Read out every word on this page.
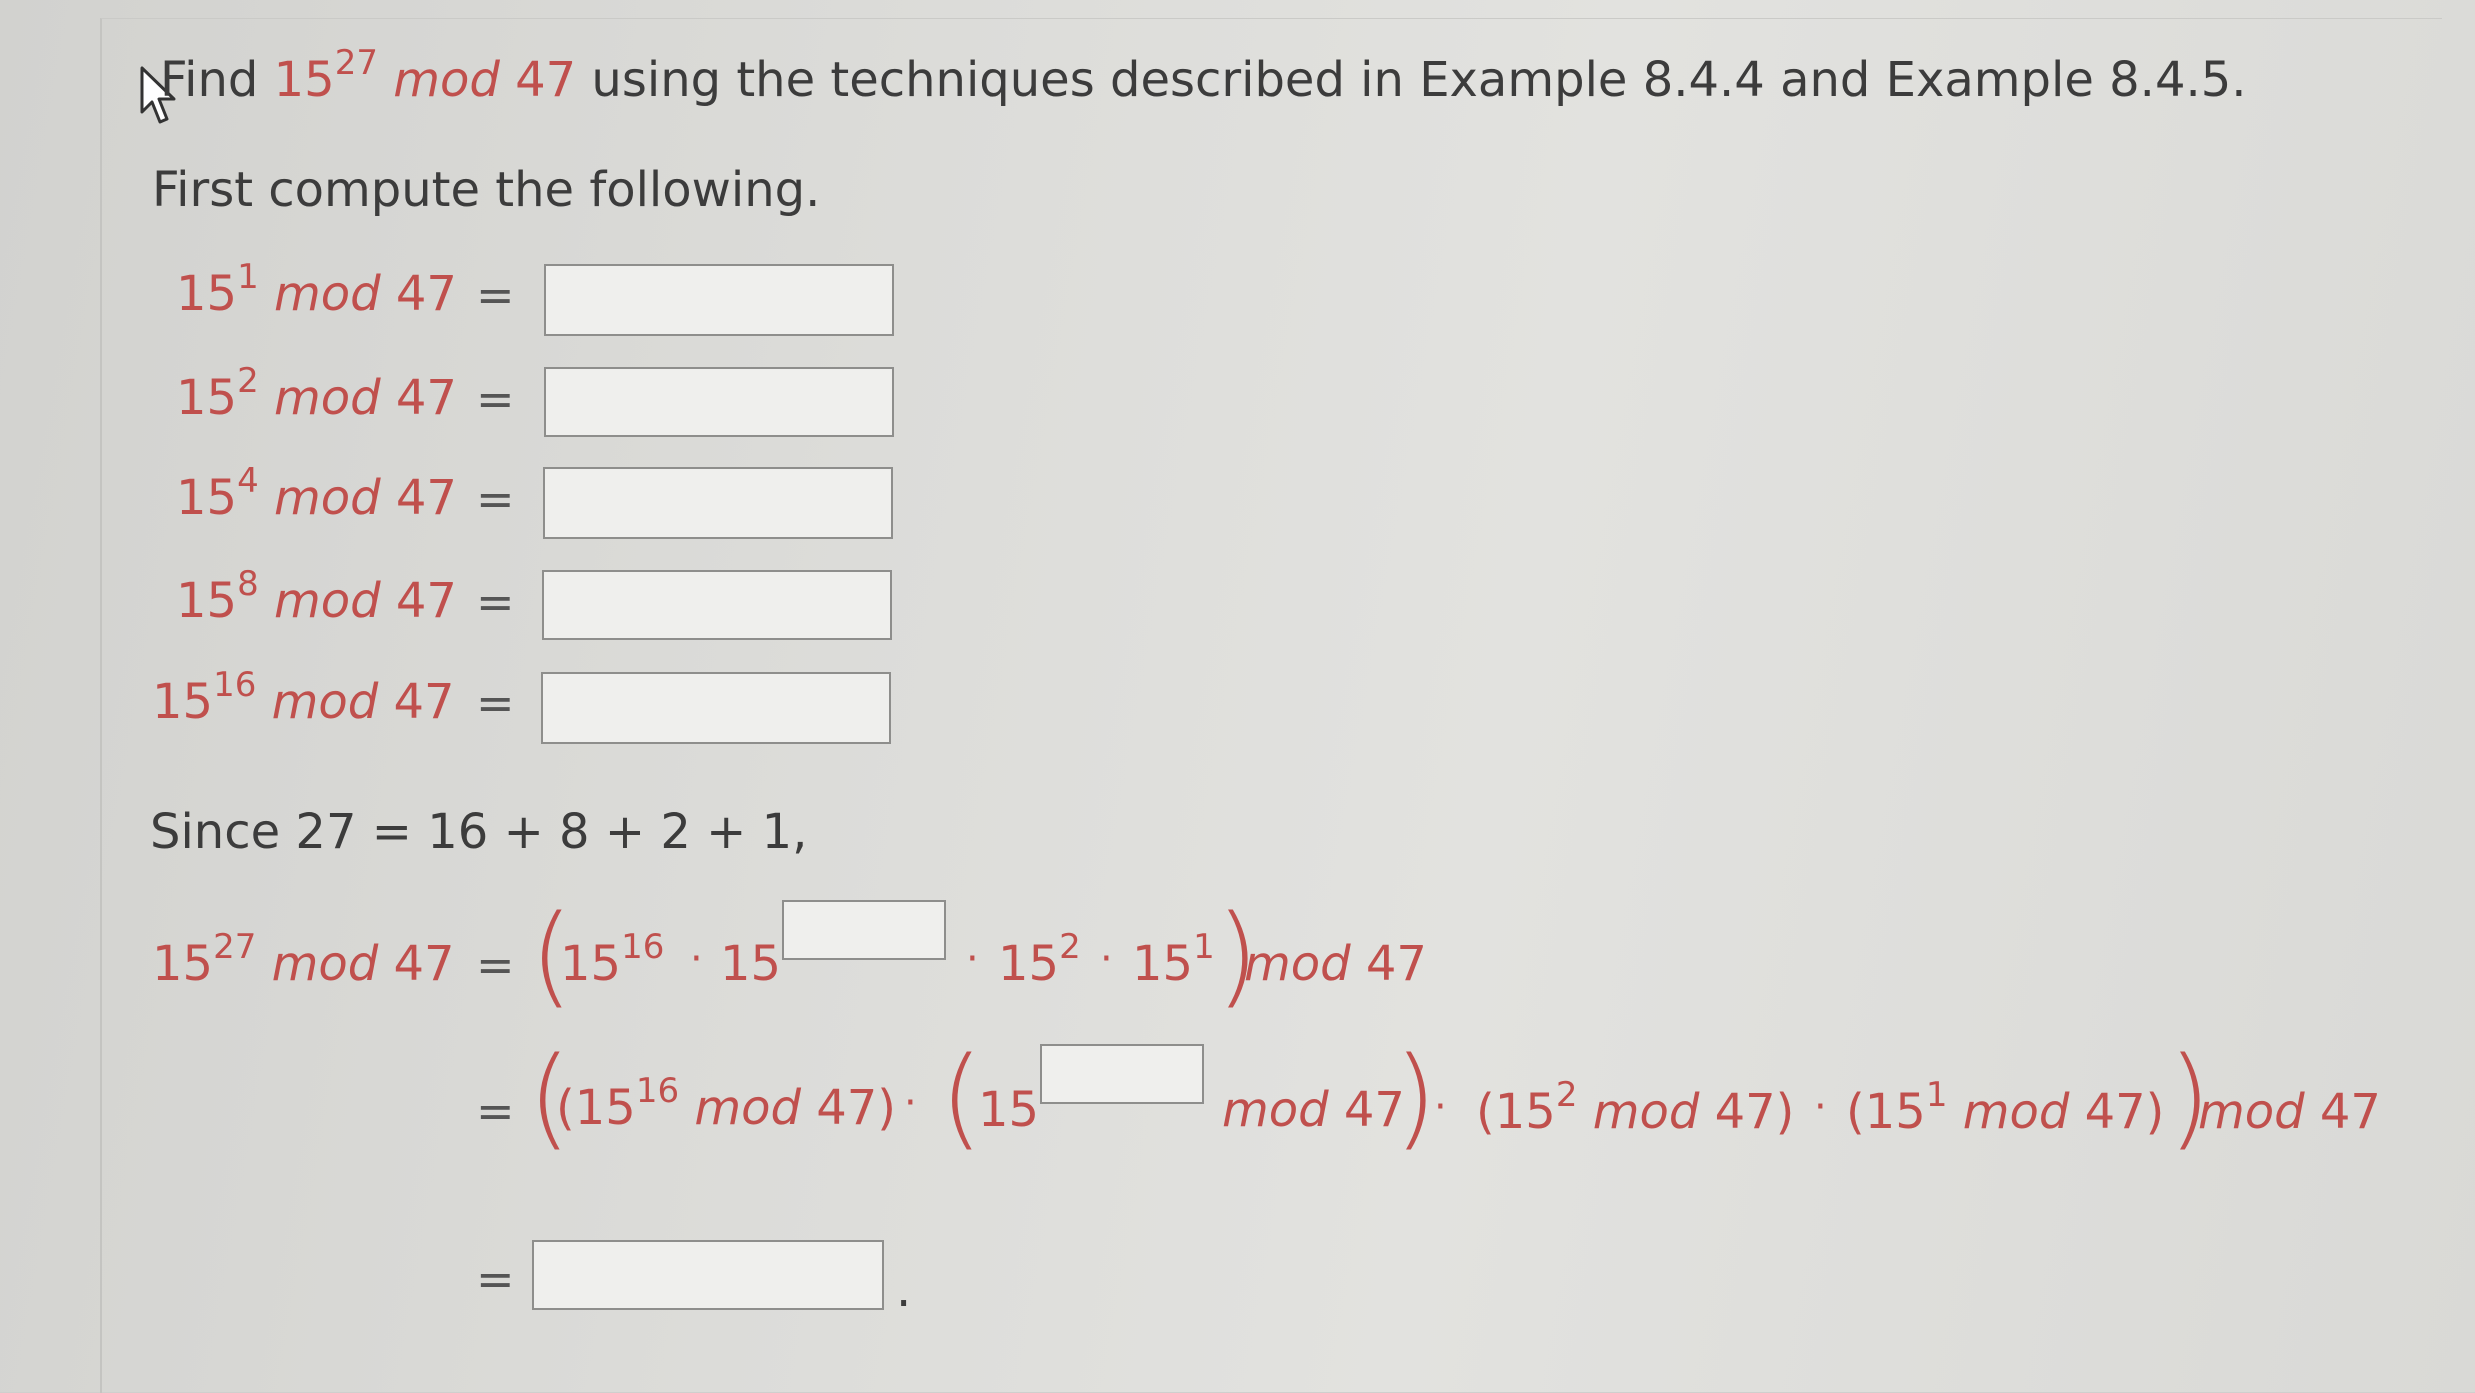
Find $15^{27}$ mod 47 using the techniques described in Example 8.4.4 and Example 8.4.5.
First compute the following.
$15^1$ mod 47 =
$15^2$ mod 47 =
$15^4$ mod 47 =
$15^8$ mod 47 =
$15^{16}$ mod 47 =
Since 27 = 16 + 8 + 2 + 1,
$15^{27}$ mod 47 = (
$15^{16} \cdot 15$	· $15^2 \cdot 15^1$ )
mod 47
= (
($15^{16}$ mod 47) · (
15	mod 47
)
· ($15^2$ mod $47) \cdot (15^1$ mod 47) )
mod 47
=	.
